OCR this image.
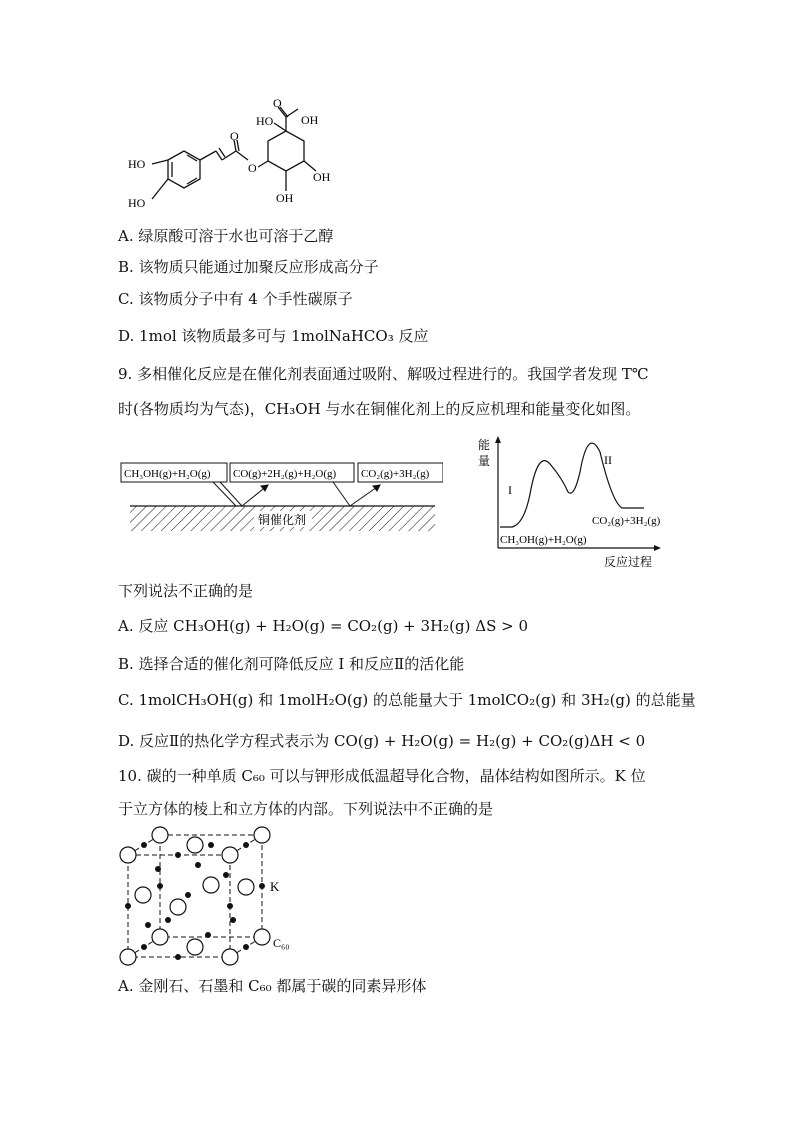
HO
HO
O
O
O
OH
HO
OH
OH
A. 绿原酸可溶于水也可溶于乙醇
B. 该物质只能通过加聚反应形成高分子
C. 该物质分子中有 4 个手性碳原子
D. 1mol 该物质最多可与 1molNaHCO₃ 反应
9. 多相催化反应是在催化剂表面通过吸附、解吸过程进行的。我国学者发现 T℃
时(各物质均为气态)，CH₃OH 与水在铜催化剂上的反应机理和能量变化如图。
CH₃OH(g)+H₂O(g) CO(g)+2H₂(g)+H₂O(g) CO₂(g)+3H₂(g)
铜催化剂
能
量
反应过程
I
II
CO₂(g)+3H₂(g)
CH₃OH(g)+H₂O(g)
下列说法不正确的是
A. 反应 CH₃OH(g) + H₂O(g) = CO₂(g) + 3H₂(g) ΔS > 0
B. 选择合适的催化剂可降低反应 I 和反应Ⅱ的活化能
C. 1molCH₃OH(g) 和 1molH₂O(g) 的总能量大于 1molCO₂(g) 和 3H₂(g) 的总能量
D. 反应Ⅱ的热化学方程式表示为 CO(g) + H₂O(g) = H₂(g) + CO₂(g)ΔH < 0
10. 碳的一种单质 C₆₀ 可以与钾形成低温超导化合物，晶体结构如图所示。K 位
于立方体的棱上和立方体的内部。下列说法中不正确的是
K
C₆₀
A. 金刚石、石墨和 C₆₀ 都属于碳的同素异形体
